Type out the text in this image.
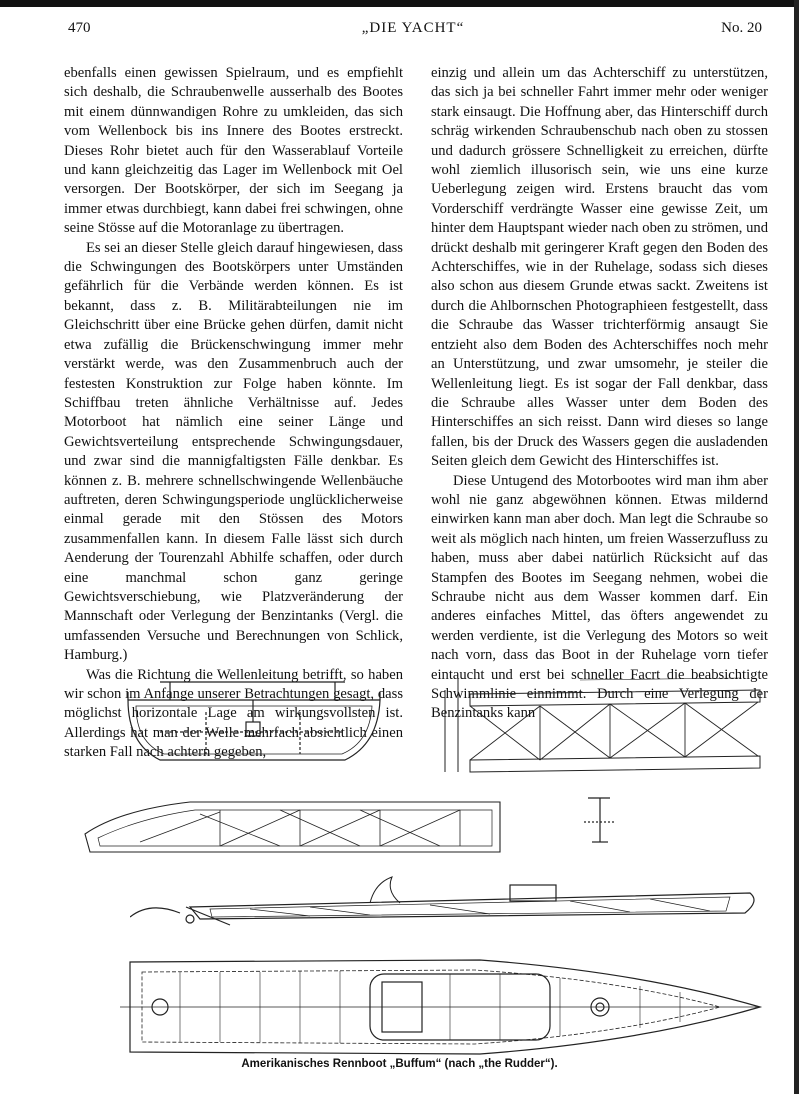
470	„DIE YACHT“	No. 20

ebenfalls einen gewissen Spielraum, und es empfiehlt sich deshalb, die Schraubenwelle ausserhalb des Bootes mit einem dünnwandigen Rohre zu umkleiden, das sich vom Wellenbock bis ins Innere des Bootes erstreckt. Dieses Rohr bietet auch für den Wasserablauf Vorteile und kann gleichzeitig das Lager im Wellenbock mit Oel versorgen. Der Bootskörper, der sich im Seegang ja immer etwas durchbiegt, kann dabei frei schwingen, ohne seine Stösse auf die Motoranlage zu übertragen.

Es sei an dieser Stelle gleich darauf hingewiesen, dass die Schwingungen des Bootskörpers unter Umständen gefährlich für die Verbände werden können. Es ist bekannt, dass z. B. Militärabteilungen nie im Gleichschritt über eine Brücke gehen dürfen, damit nicht etwa zufällig die Brückenschwingung immer mehr verstärkt werde, was den Zusammenbruch auch der festesten Konstruktion zur Folge haben könnte. Im Schiffbau treten ähnliche Verhältnisse auf. Jedes Motorboot hat nämlich eine seiner Länge und Gewichtsverteilung entsprechende Schwingungsdauer, und zwar sind die mannigfaltigsten Fälle denkbar. Es können z. B. mehrere schnellschwingende Wellenbäuche auftreten, deren Schwingungsperiode unglücklicherweise einmal gerade mit den Stössen des Motors zusammenfallen kann. In diesem Falle lässt sich durch Aenderung der Tourenzahl Abhilfe schaffen, oder durch eine manchmal schon ganz geringe Gewichtsverschiebung, wie Platzveränderung der Mannschaft oder Verlegung der Benzintanks (Vergl. die umfassenden Versuche und Berechnungen von Schlick, Hamburg.)

Was die Richtung die Wellenleitung betrifft, so haben wir schon im Anfange unserer Betrachtungen gesagt, dass möglichst horizontale Lage am wirkungsvollsten ist. Allerdings hat man der Welle mehrfach absichtlich einen starken Fall nach achtern gegeben,

einzig und allein um das Achterschiff zu unterstützen, das sich ja bei schneller Fahrt immer mehr oder weniger stark einsaugt. Die Hoffnung aber, das Hinterschiff durch schräg wirkenden Schraubenschub nach oben zu stossen und dadurch grössere Schnelligkeit zu erreichen, dürfte wohl ziemlich illusorisch sein, wie uns eine kurze Ueberlegung zeigen wird. Erstens braucht das vom Vorderschiff verdrängte Wasser eine gewisse Zeit, um hinter dem Hauptspant wieder nach oben zu strömen, und drückt deshalb mit geringerer Kraft gegen den Boden des Achterschiffes, wie in der Ruhelage, sodass sich dieses also schon aus diesem Grunde etwas sackt. Zweitens ist durch die Ahlbornschen Photographieen festgestellt, dass die Schraube das Wasser trichterförmig ansaugt Sie entzieht also dem Boden des Achterschiffes noch mehr an Unterstützung, und zwar umsomehr, je steiler die Wellenleitung liegt. Es ist sogar der Fall denkbar, dass die Schraube alles Wasser unter dem Boden des Hinterschiffes an sich reisst. Dann wird dieses so lange fallen, bis der Druck des Wassers gegen die ausladenden Seiten gleich dem Gewicht des Hinterschiffes ist.

Diese Untugend des Motorbootes wird man ihm aber wohl nie ganz abgewöhnen können. Etwas mildernd einwirken kann man aber doch. Man legt die Schraube so weit als möglich nach hinten, um freien Wasserzufluss zu haben, muss aber dabei natürlich Rücksicht auf das Stampfen des Bootes im Seegang nehmen, wobei die Schraube nicht aus dem Wasser kommen darf. Ein anderes einfaches Mittel, das öfters angewendet zu werden verdiente, ist die Verlegung des Motors so weit nach vorn, dass das Boot in der Ruhelage vorn tiefer eintaucht und erst bei schneller Facrt die beabsichtigte Schwimmlinie einnimmt. Durch eine Verlegung der Benzintanks kann

Amerikanisches Rennboot „Buffum“ (nach „the Rudder“).
